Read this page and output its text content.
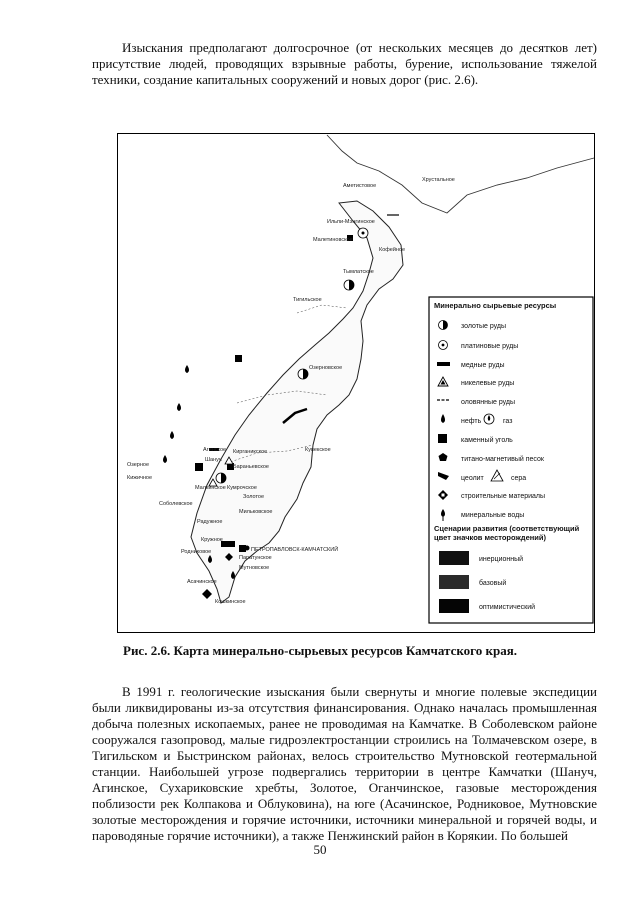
Изыскания предполагают долгосрочное (от нескольких месяцев до десятков лет) присутствие людей, проводящих взрывные работы, бурение, использование тяжелой техники, создание капитальных сооружений и новых дорог (рис. 2.6).

ПЕТРОПАВЛОВСК-КАМЧАТСКИЙ
Хрустальное
Аметистовое
Ильпи-Мэнгинское
Малетиновское
Кофейное
Тымлатское
Тигильское
Озерновское
Агинское
Шануч
Кирганикское
Бараньевское
Малкинское Кумрочское
Золотое
Мильковское
Соболевское
Радужное
Кижичное
Родниковое
Паратунское
Мутновское
Асачинское
Кошкинское
Озерное
Кружное
Кувекское
Минерально сырьевые ресурсы
золотые руды
платиновые руды
медные руды
никелевые руды
оловянные руды
нефть	газ
каменный уголь
титано-магнетивый песок
цеолит	сера
строительные материалы
минеральные воды
Сценарии развития (соответствующий
цвет значков месторождений)
инерционный
базовый
оптимистический
Рис. 2.6. Карта минерально-сырьевых ресурсов Камчатского края.

В 1991 г. геологические изыскания были свернуты и многие полевые экспедиции были ликвидированы из-за отсутствия финансирования. Однако началась промышленная добыча полезных ископаемых, ранее не проводимая на Камчатке. В Соболевском районе сооружался газопровод, малые гидроэлектростанции строились на Толмачевском озере, в Тигильском и Быстринском районах, велось строительство Мутновской геотермальной станции. Наибольшей угрозе подвергались территории в центре Камчатки (Шануч, Агинское, Сухариковские хребты, Золотое, Оганчинское, газовые месторождения поблизости рек Колпакова и Облуковина), на юге (Асачинское, Родниковое, Мутновские золотые месторождения и горячие источники, источники минеральной и горячей воды, и пароводяные горячие источники), а также Пенжинский район в Корякии. По большей

50
